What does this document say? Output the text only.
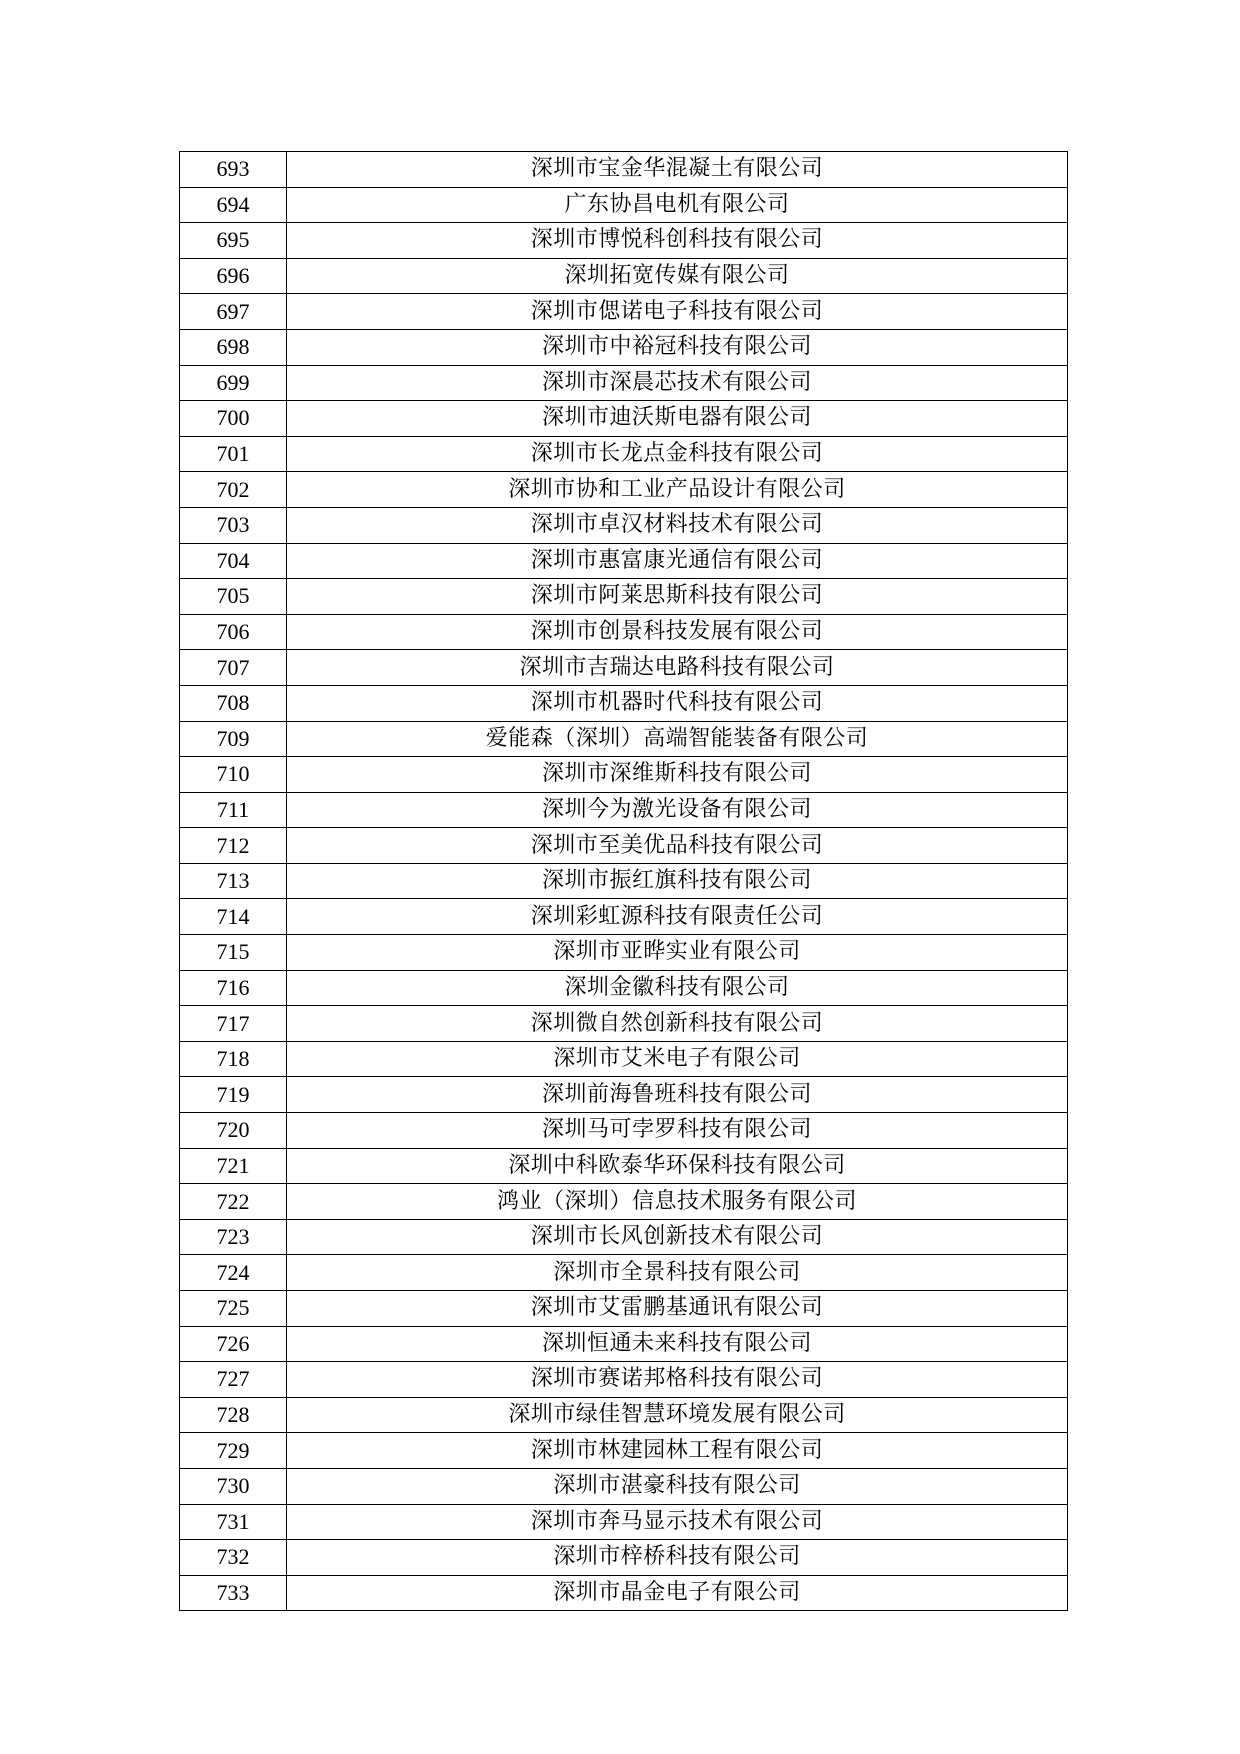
693	深圳市宝金华混凝土有限公司
694	广东协昌电机有限公司
695	深圳市博悦科创科技有限公司
696	深圳拓宽传媒有限公司
697	深圳市偲诺电子科技有限公司
698	深圳市中裕冠科技有限公司
699	深圳市深晨芯技术有限公司
700	深圳市迪沃斯电器有限公司
701	深圳市长龙点金科技有限公司
702	深圳市协和工业产品设计有限公司
703	深圳市卓汉材料技术有限公司
704	深圳市惠富康光通信有限公司
705	深圳市阿莱思斯科技有限公司
706	深圳市创景科技发展有限公司
707	深圳市吉瑞达电路科技有限公司
708	深圳市机器时代科技有限公司
709	爱能森（深圳）高端智能装备有限公司
710	深圳市深维斯科技有限公司
711	深圳今为激光设备有限公司
712	深圳市至美优品科技有限公司
713	深圳市振红旗科技有限公司
714	深圳彩虹源科技有限责任公司
715	深圳市亚晔实业有限公司
716	深圳金徽科技有限公司
717	深圳微自然创新科技有限公司
718	深圳市艾米电子有限公司
719	深圳前海鲁班科技有限公司
720	深圳马可孛罗科技有限公司
721	深圳中科欧泰华环保科技有限公司
722	鸿业（深圳）信息技术服务有限公司
723	深圳市长风创新技术有限公司
724	深圳市全景科技有限公司
725	深圳市艾雷鹏基通讯有限公司
726	深圳恒通未来科技有限公司
727	深圳市赛诺邦格科技有限公司
728	深圳市绿佳智慧环境发展有限公司
729	深圳市林建园林工程有限公司
730	深圳市湛豪科技有限公司
731	深圳市奔马显示技术有限公司
732	深圳市梓桥科技有限公司
733	深圳市晶金电子有限公司
